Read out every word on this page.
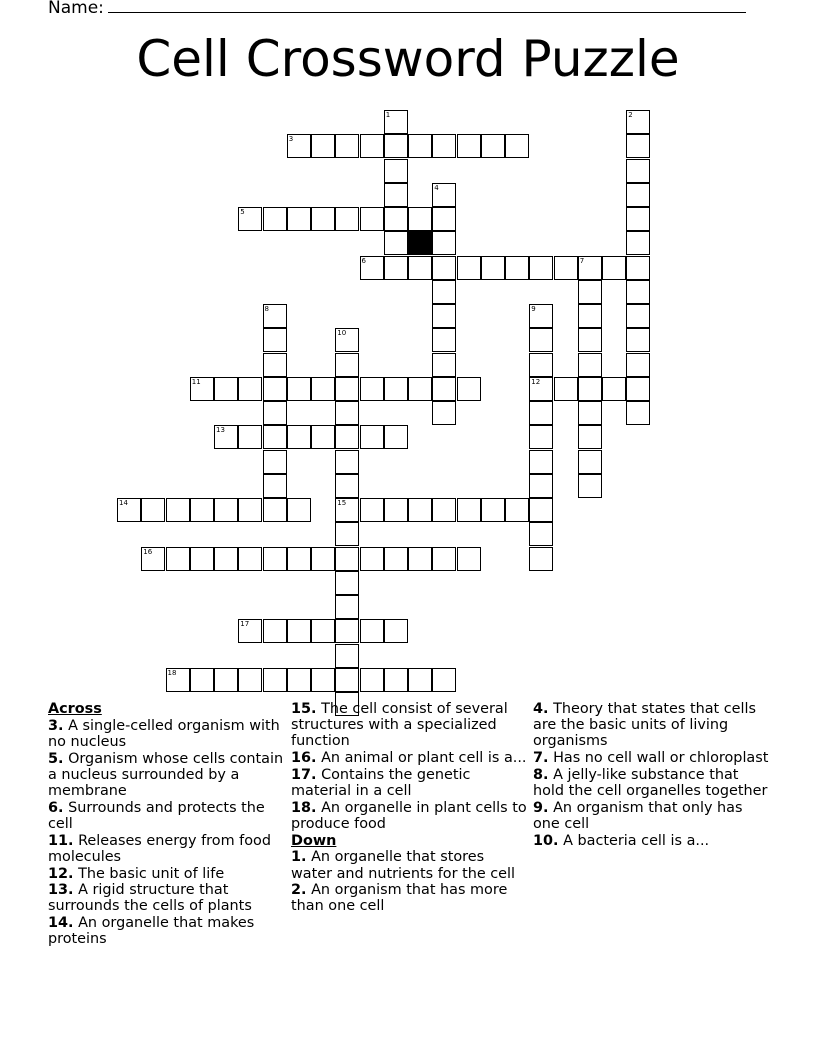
Name:
Cell Crossword Puzzle
3
5
6	7
11	12
13
14	15
16
17
18
1	2
4
8	9
10

Across

3. A single-celled organism with no nucleus

5. Organism whose cells contain a nucleus surrounded by a membrane

6. Surrounds and protects the cell

11. Releases energy from food molecules

12. The basic unit of life

13. A rigid structure that surrounds the cells of plants

14. An organelle that makes proteins

15. The cell consist of several structures with a specialized function

16. An animal or plant cell is a...

17. Contains the genetic material in a cell

18. An organelle in plant cells to produce food

Down

1. An organelle that stores water and nutrients for the cell

2. An organism that has more than one cell

4. Theory that states that cells are the basic units of living organisms

7. Has no cell wall or chloroplast

8. A jelly-like substance that hold the cell organelles together

9. An organism that only has one cell

10. A bacteria cell is a...
